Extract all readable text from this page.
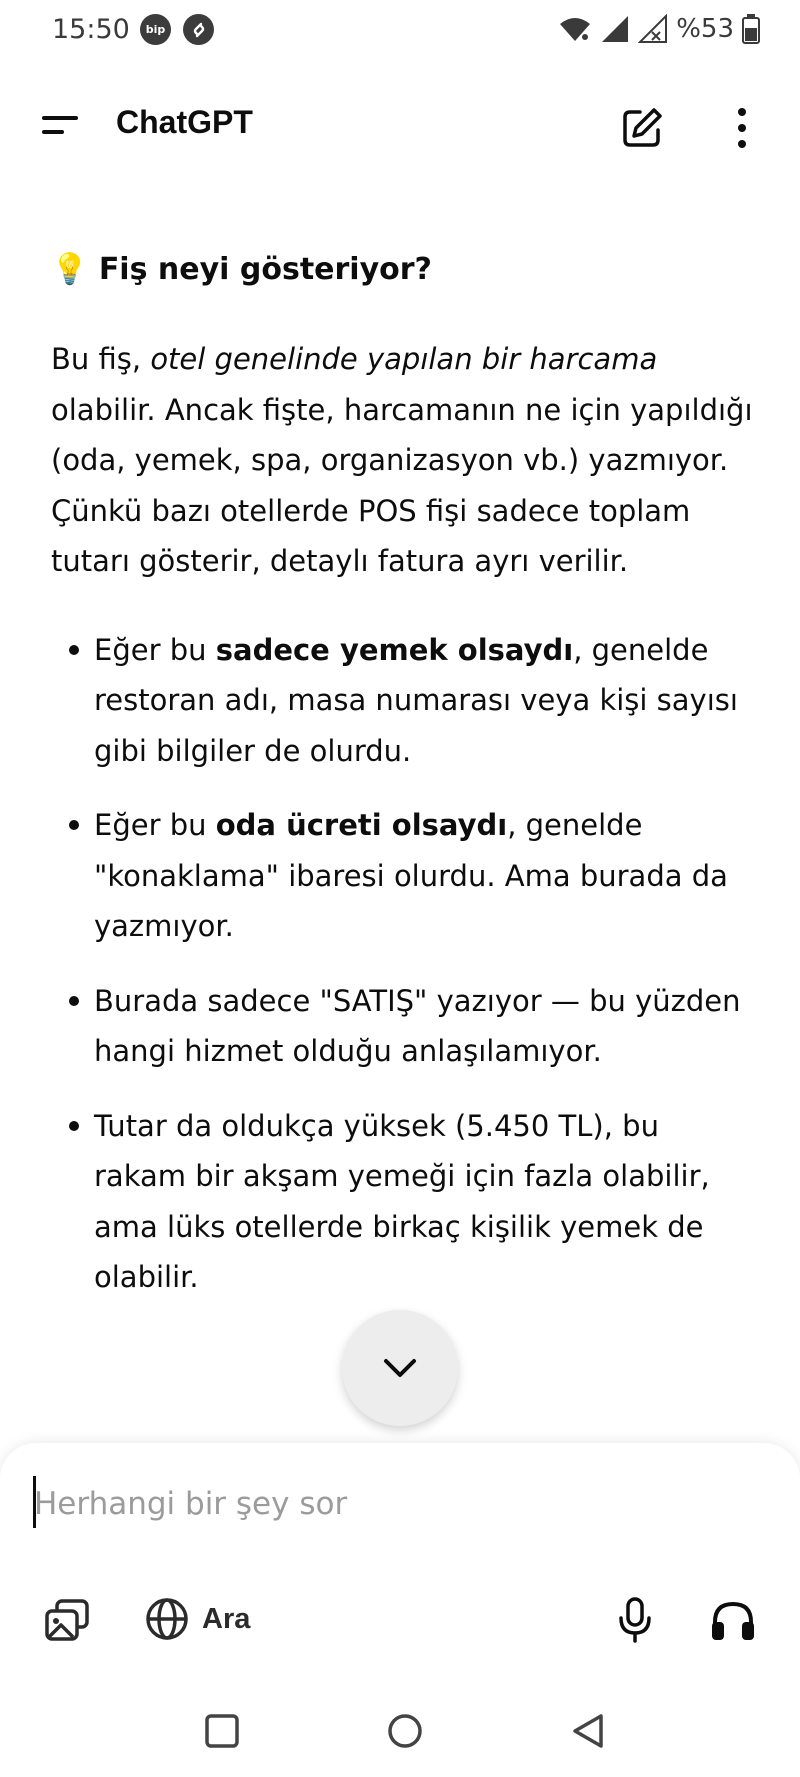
15:50	bip	%53
ChatGPT
💡 Fiş neyi gösteriyor?

Bu fiş, otel genelinde yapılan bir harcama olabilir. Ancak fişte, harcamanın ne için yapıldığı (oda, yemek, spa, organizasyon vb.) yazmıyor. Çünkü bazı otellerde POS fişi sadece toplam tutarı gösterir, detaylı fatura ayrı verilir.

Eğer bu sadece yemek olsaydı, genelde restoran adı, masa numarası veya kişi sayısı gibi bilgiler de olurdu.
Eğer bu oda ücreti olsaydı, genelde "konaklama" ibaresi olurdu. Ama burada da yazmıyor.
Burada sadece "SATIŞ" yazıyor — bu yüzden hangi hizmet olduğu anlaşılamıyor.
Tutar da oldukça yüksek (5.450 TL), bu rakam bir akşam yemeği için fazla olabilir, ama lüks otellerde birkaç kişilik yemek de olabilir.
Herhangi bir şey sor
Ara
